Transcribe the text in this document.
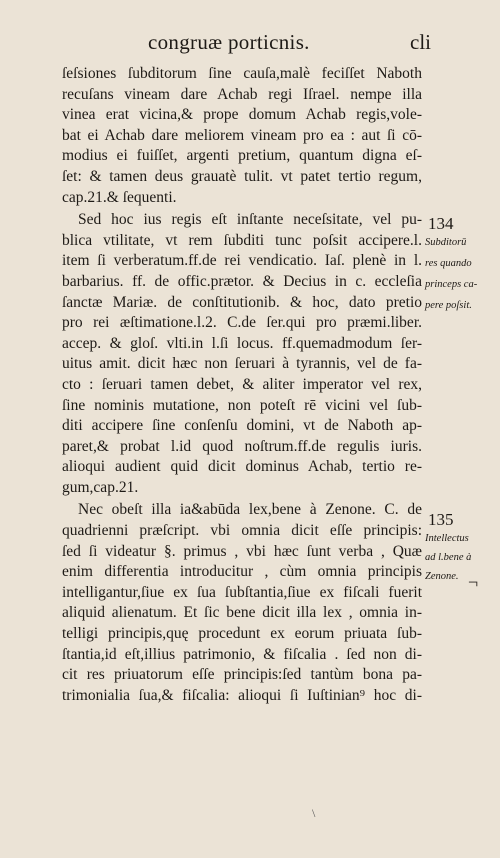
congruæ porticnis.	cli
ſeſsiones ſubditorum ſine cauſa,malè feciſſet Naboth
recuſans vineam dare Achab regi Iſrael. nempe illa
vinea erat vicina,& prope domum Achab regis,vole-
bat ei Achab dare meliorem vineam pro ea : aut ſi cō-
modius ei fuiſſet, argenti pretium, quantum digna eſ-
ſet: & tamen deus grauatè tulit. vt patet tertio regum,
cap.21.& ſequenti.
Sed hoc ius regis eſt inſtante neceſsitate, vel pu-
blica vtilitate, vt rem ſubditi tunc poſsit accipere.l.
item ſi verberatum.ff.de rei vendicatio. Iaſ. plenè in l.
barbarius. ff. de offic.prætor. & Decius in c. eccleſia
ſanctæ Mariæ. de conſtitutionib. & hoc, dato pretio
pro rei æſtimatione.l.2. C.de ſer.qui pro præmi.liber.
accep. & gloſ. vlti.in l.ſi locus. ff.quemadmodum ſer-
uitus amit. dicit hæc non ſeruari à tyrannis, vel de fa-
cto : ſeruari tamen debet, & aliter imperator vel rex,
ſine nominis mutatione, non poteſt rē vicini vel ſub-
diti accipere ſine conſenſu domini, vt de Naboth ap-
paret,& probat l.id quod noſtrum.ff.de regulis iuris.
alioqui audient quid dicit dominus Achab, tertio re-
gum,cap.21.
Nec obeſt illa ia&abūda lex,bene à Zenone. C. de
quadrienni præſcript. vbi omnia dicit eſſe principis:
ſed ſi videatur §. primus , vbi hæc ſunt verba , Quæ
enim differentia introducitur , cùm omnia principis
intelligantur,ſiue ex ſua ſubſtantia,ſiue ex fiſcali fuerit
aliquid alienatum. Et ſic bene dicit illa lex , omnia in-
telligi principis,quę procedunt ex eorum priuata ſub-
ſtantia,id eſt,illius patrimonio, & fiſcalia . ſed non di-
cit res priuatorum eſſe principis:ſed tantùm bona pa-
trimonialia ſua,& fiſcalia: alioqui ſi Iuſtinian⁹ hoc di-
134
Subditorū
res quando
princeps ca-
pere poſsit.
135
Intellectus
ad l.bene à
Zenone. ¬
\
